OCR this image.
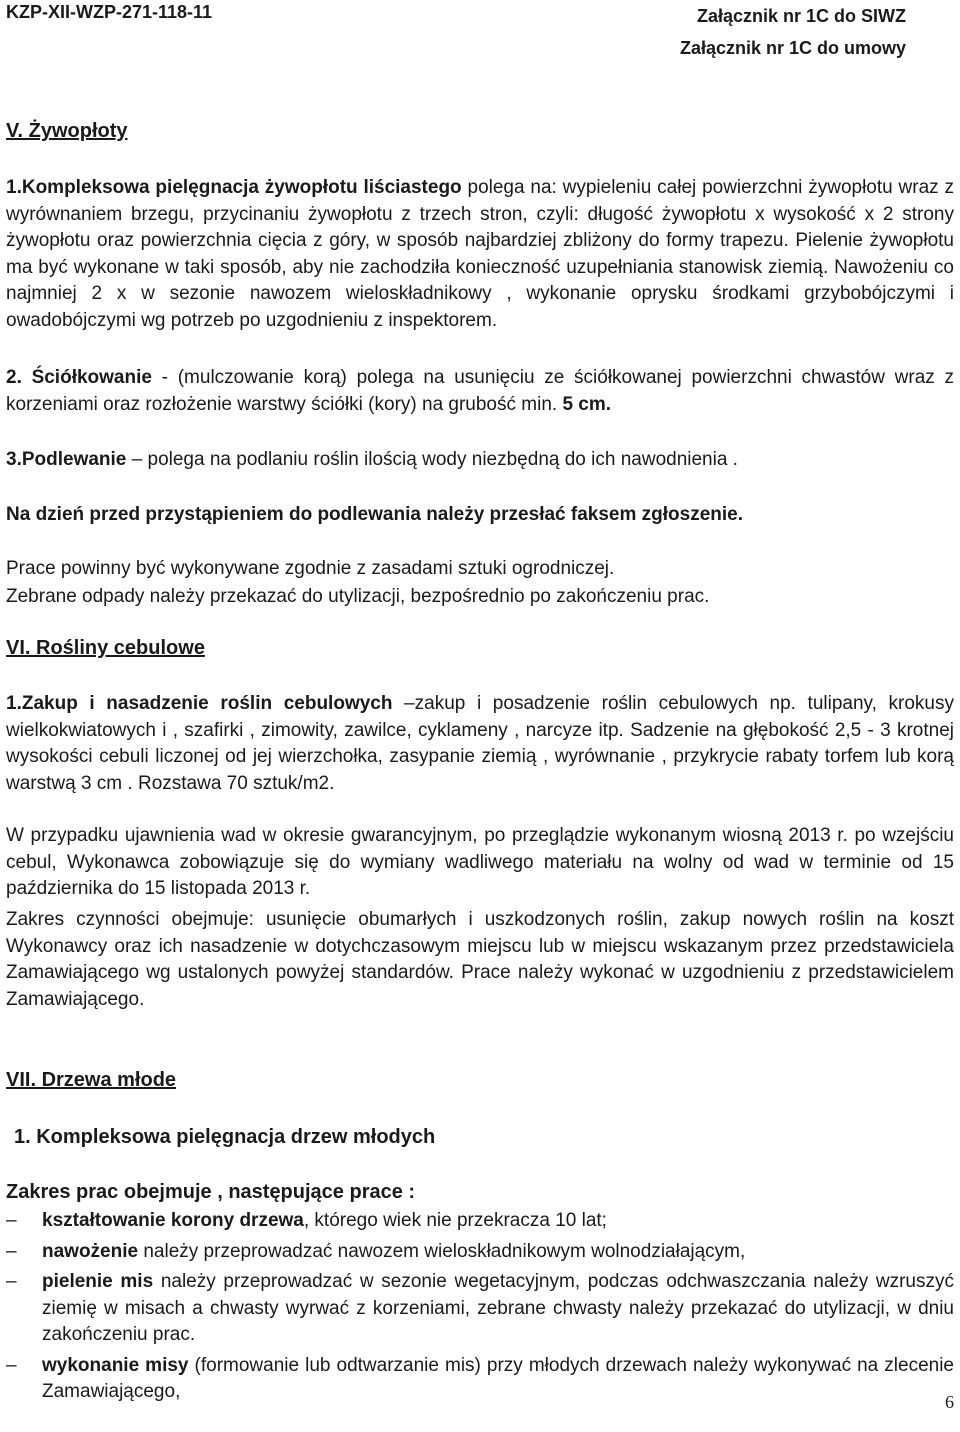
KZP-XII-WZP-271-118-11	Załącznik nr 1C do SIWZ
Załącznik nr 1C do umowy
V. Żywopłoty

1.Kompleksowa pielęgnacja żywopłotu liściastego polega na: wypieleniu całej powierzchni żywopłotu wraz z wyrównaniem brzegu, przycinaniu żywopłotu z trzech stron, czyli: długość żywopłotu x wysokość x 2 strony żywopłotu oraz powierzchnia cięcia z góry, w sposób najbardziej zbliżony do formy trapezu. Pielenie żywopłotu ma być wykonane w taki sposób, aby nie zachodziła konieczność uzupełniania stanowisk ziemią. Nawożeniu co najmniej 2 x w sezonie nawozem wieloskładnikowy , wykonanie oprysku środkami grzybobójczymi i owadobójczymi wg potrzeb po uzgodnieniu z inspektorem.

2. Ściółkowanie - (mulczowanie korą) polega na usunięciu ze ściółkowanej powierzchni chwastów wraz z korzeniami oraz rozłożenie warstwy ściółki (kory) na grubość min. 5 cm.

3.Podlewanie – polega na podlaniu roślin ilością wody niezbędną do ich nawodnienia .

Na dzień przed przystąpieniem do podlewania należy przesłać faksem zgłoszenie.

Prace powinny być wykonywane zgodnie z zasadami sztuki ogrodniczej.

Zebrane odpady należy przekazać do utylizacji, bezpośrednio po zakończeniu prac.

VI. Rośliny cebulowe

1.Zakup i nasadzenie roślin cebulowych –zakup i posadzenie roślin cebulowych np. tulipany, krokusy wielkokwiatowych i , szafirki , zimowity, zawilce, cyklameny , narcyze itp. Sadzenie na głębokość 2,5 - 3 krotnej wysokości cebuli liczonej od jej wierzchołka, zasypanie ziemią , wyrównanie , przykrycie rabaty torfem lub korą warstwą 3 cm . Rozstawa 70 sztuk/m2.

W przypadku ujawnienia wad w okresie gwarancyjnym, po przeglądzie wykonanym wiosną 2013 r. po wzejściu cebul, Wykonawca zobowiązuje się do wymiany wadliwego materiału na wolny od wad w terminie od 15 października do 15 listopada 2013 r.

Zakres czynności obejmuje: usunięcie obumarłych i uszkodzonych roślin, zakup nowych roślin na koszt Wykonawcy oraz ich nasadzenie w dotychczasowym miejscu lub w miejscu wskazanym przez przedstawiciela Zamawiającego wg ustalonych powyżej standardów. Prace należy wykonać w uzgodnieniu z przedstawicielem Zamawiającego.

VII. Drzewa młode

1. Kompleksowa pielęgnacja drzew młodych

Zakres prac obejmuje , następujące prace :

– kształtowanie korony drzewa, którego wiek nie przekracza 10 lat;
– nawożenie należy przeprowadzać nawozem wieloskładnikowym wolnodziałającym,
– pielenie mis należy przeprowadzać w sezonie wegetacyjnym, podczas odchwaszczania należy wzruszyć ziemię w misach a chwasty wyrwać z korzeniami, zebrane chwasty należy przekazać do utylizacji, w dniu zakończeniu prac.
– wykonanie misy (formowanie lub odtwarzanie mis) przy młodych drzewach należy wykonywać na zlecenie Zamawiającego,	6
